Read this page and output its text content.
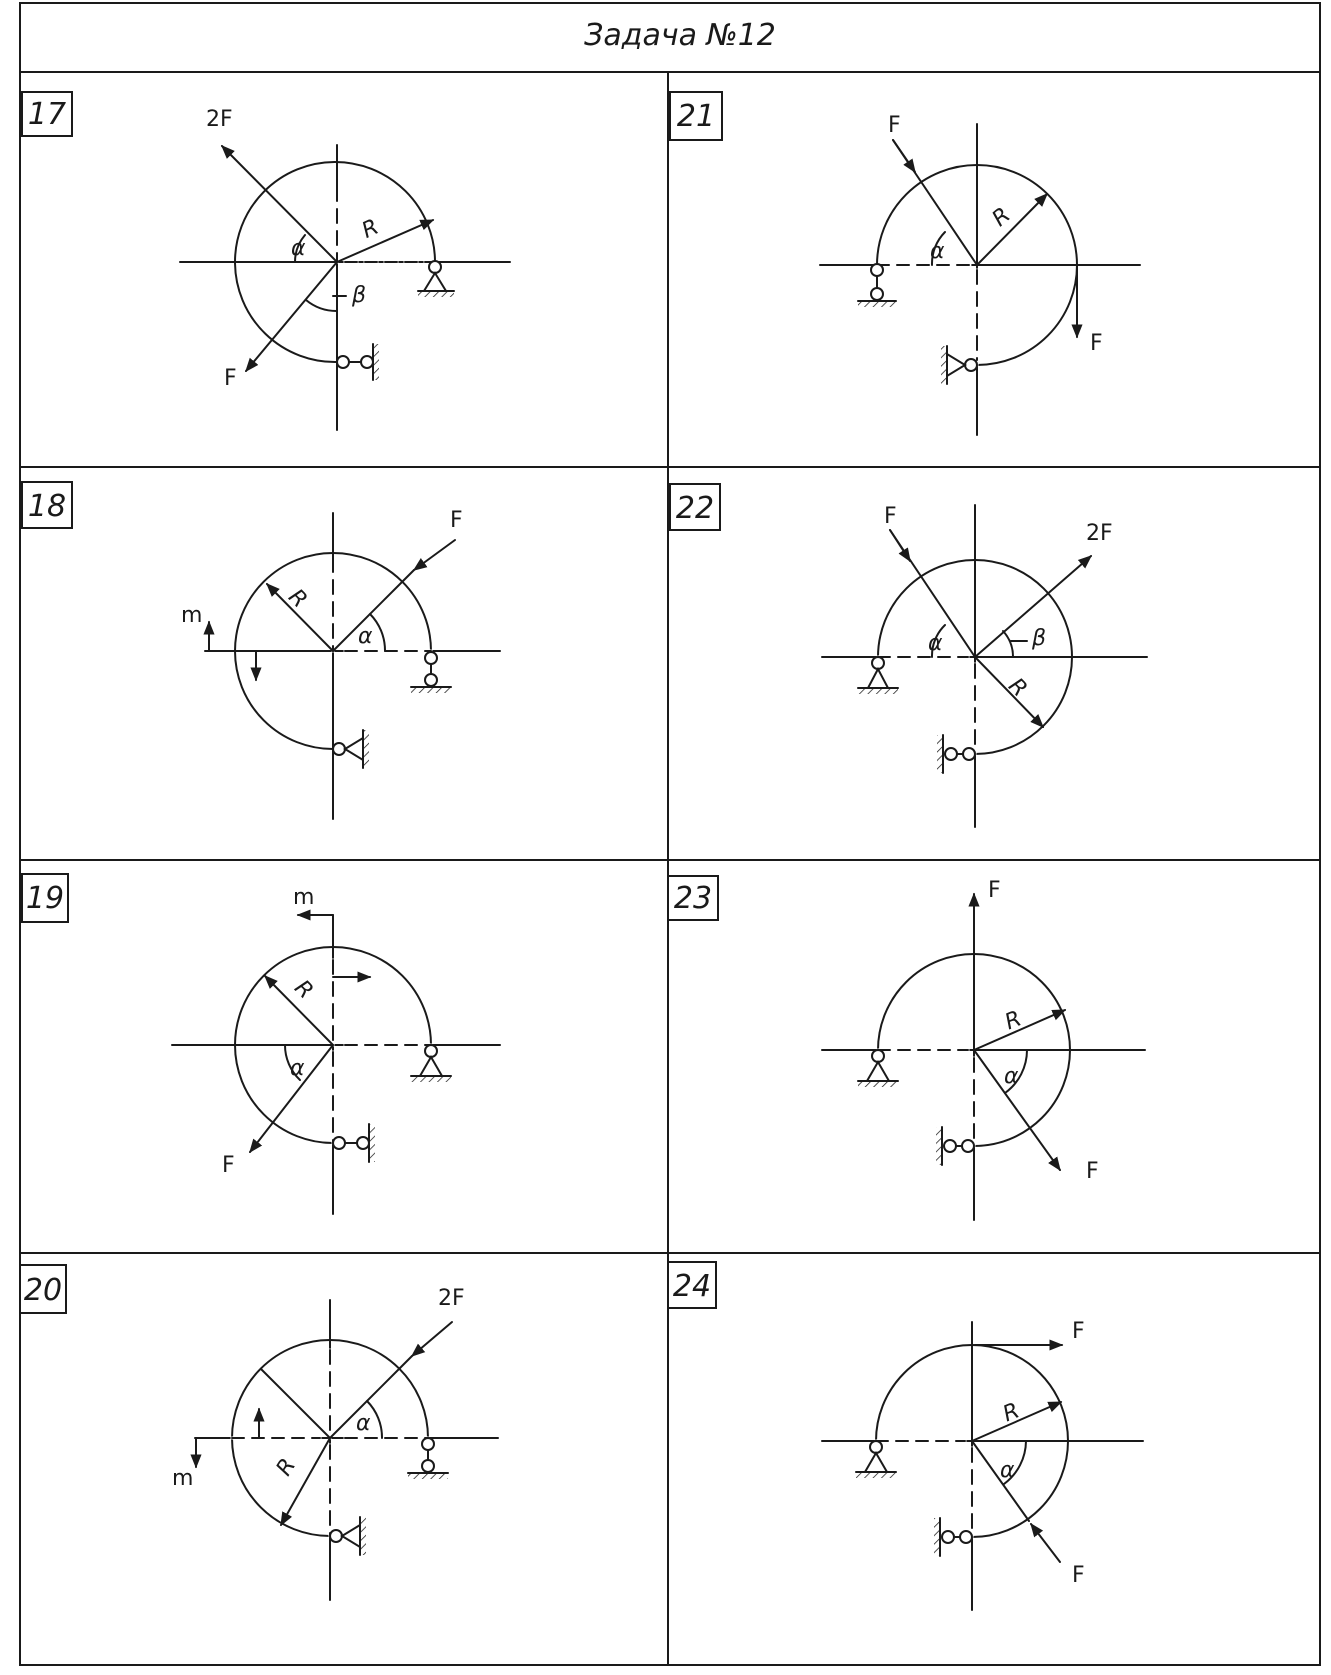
Задача №12
17	21
18	22
19	23
20	24
2F
F
R
α
β
F
F
R
α
F
m
R
α
F
2F
R
α	β
m
F
R
α
F
F
R
α
2F
m	R
α
F
F
R
α
